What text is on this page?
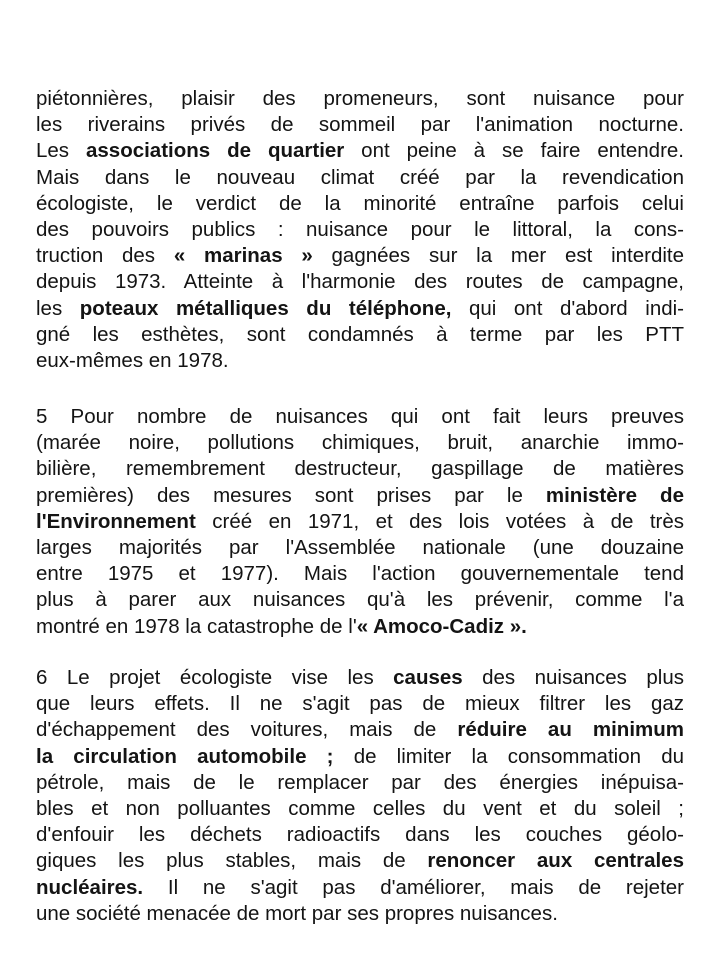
piétonnières, plaisir des promeneurs, sont nuisance pour
les riverains privés de sommeil par l'animation nocturne.
Les associations de quartier ont peine à se faire entendre.
Mais dans le nouveau climat créé par la revendication
écologiste, le verdict de la minorité entraîne parfois celui
des pouvoirs publics : nuisance pour le littoral, la cons-
truction des « marinas » gagnées sur la mer est interdite
depuis 1973. Atteinte à l'harmonie des routes de campagne,
les poteaux métalliques du téléphone, qui ont d'abord indi-
gné les esthètes, sont condamnés à terme par les PTT
eux-mêmes en 1978.
5 Pour nombre de nuisances qui ont fait leurs preuves
(marée noire, pollutions chimiques, bruit, anarchie immo-
bilière, remembrement destructeur, gaspillage de matières
premières) des mesures sont prises par le ministère de
l'Environnement créé en 1971, et des lois votées à de très
larges majorités par l'Assemblée nationale (une douzaine
entre 1975 et 1977). Mais l'action gouvernementale tend
plus à parer aux nuisances qu'à les prévenir, comme l'a
montré en 1978 la catastrophe de l'« Amoco-Cadiz ».
6 Le projet écologiste vise les causes des nuisances plus
que leurs effets. Il ne s'agit pas de mieux filtrer les gaz
d'échappement des voitures, mais de réduire au minimum
la circulation automobile ; de limiter la consommation du
pétrole, mais de le remplacer par des énergies inépuisa-
bles et non polluantes comme celles du vent et du soleil ;
d'enfouir les déchets radioactifs dans les couches géolo-
giques les plus stables, mais de renoncer aux centrales
nucléaires. Il ne s'agit pas d'améliorer, mais de rejeter
une société menacée de mort par ses propres nuisances.
